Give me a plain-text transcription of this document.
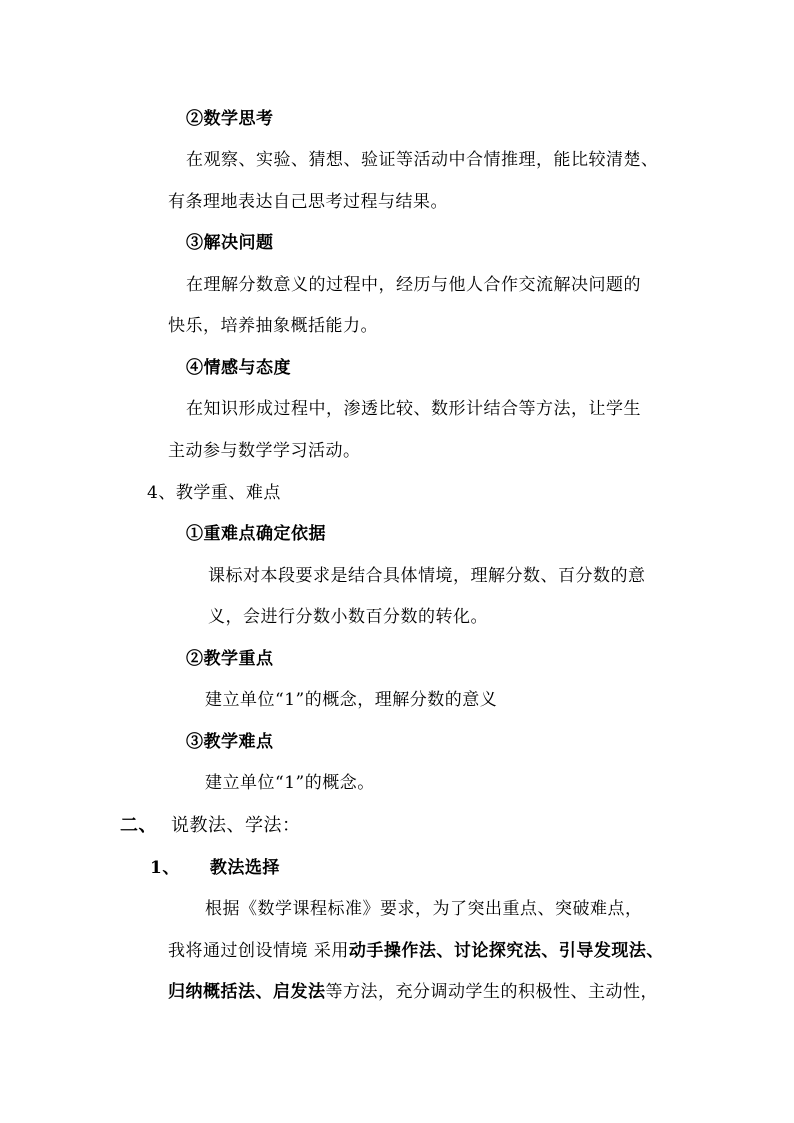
②数学思考
在观察、实验、猜想、验证等活动中合情推理，能比较清楚、
有条理地表达自己思考过程与结果。
③解决问题
在理解分数意义的过程中，经历与他人合作交流解决问题的
快乐，培养抽象概括能力。
④情感与态度
在知识形成过程中，渗透比较、数形计结合等方法，让学生
主动参与数学学习活动。
4、教学重、难点
①重难点确定依据
课标对本段要求是结合具体情境，理解分数、百分数的意
义，会进行分数小数百分数的转化。
②教学重点
建立单位“1”的概念，理解分数的意义
③教学难点
建立单位“1”的概念。
二、 说教法、学法：
1、 教法选择
根据《数学课程标准》要求，为了突出重点、突破难点，
我将通过创设情境 采用动手操作法、讨论探究法、引导发现法、
归纳概括法、启发法等方法，充分调动学生的积极性、主动性，
